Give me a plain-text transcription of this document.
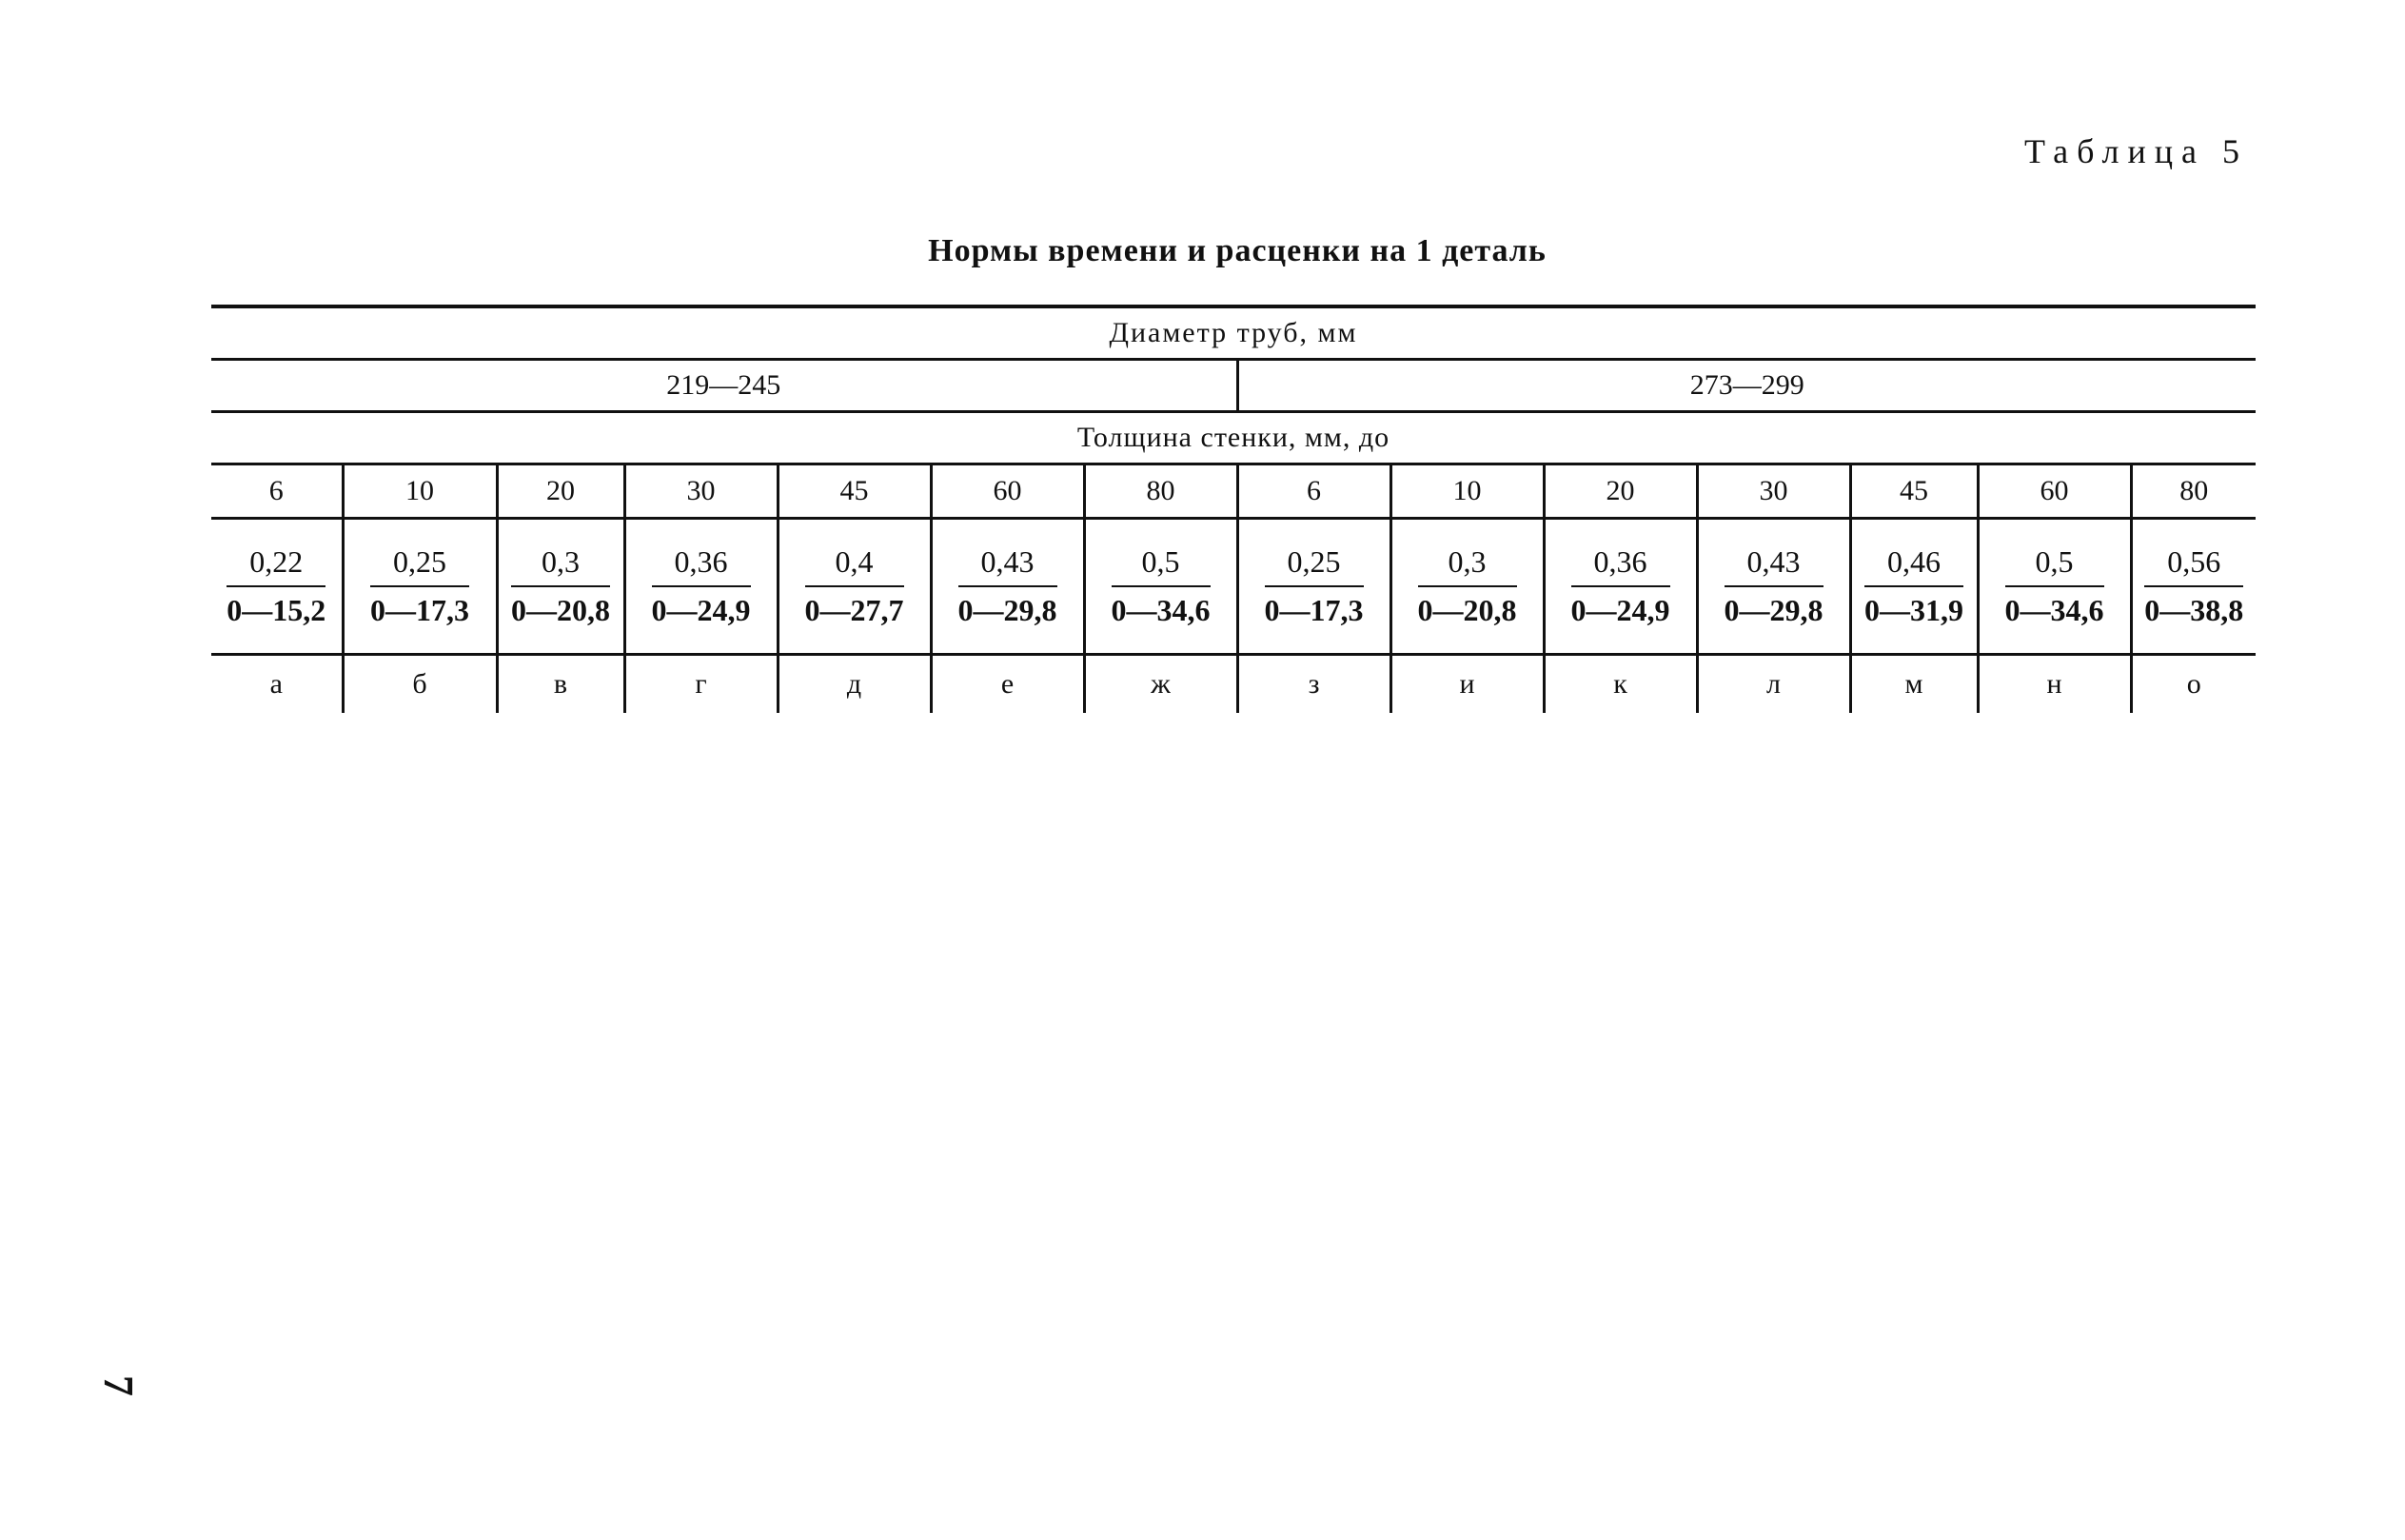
Таблица 5
Нормы времени и расценки на 1 деталь
Диаметр труб, мм													
219—245							273—299						
Толщина стенки, мм, до													
6	10	20	30	45	60	80	6	10	20	30	45	60	80

$\frac{0,22}{0—15,2}$	$\frac{0,25}{0—17,3}$	$\frac{0,3}{0—20,8}$	$\frac{0,36}{0—24,9}$	$\frac{0,4}{0—27,7}$	$\frac{0,43}{0—29,8}$	$\frac{0,5}{0—34,6}$	$\frac{0,25}{0—17,3}$	$\frac{0,3}{0—20,8}$	$\frac{0,36}{0—24,9}$	$\frac{0,43}{0—29,8}$	$\frac{0,46}{0—31,9}$	$\frac{0,5}{0—34,6}$	$\frac{0,56}{0—38,8}$

а	б	в	г	д	е	ж	з	и	к	л	м	н	о
7
